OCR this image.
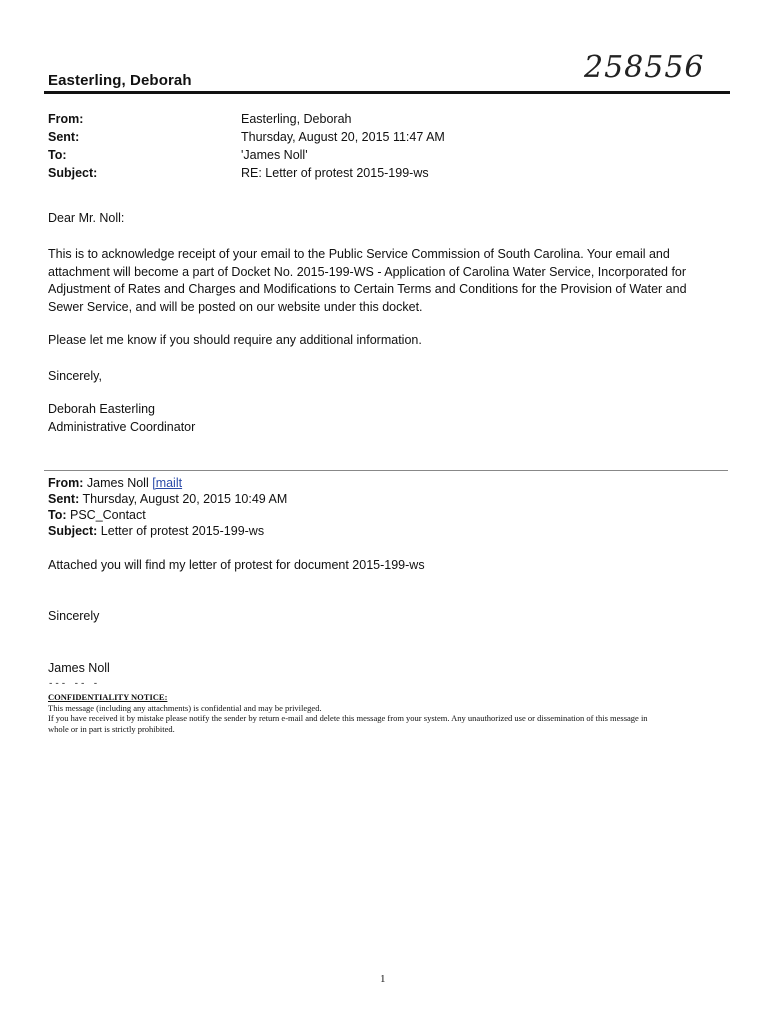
258556
Easterling, Deborah
From:
Sent:
To:
Subject:
Easterling, Deborah
Thursday, August 20, 2015 11:47 AM
'James Noll'
RE: Letter of protest 2015-199-ws
Dear Mr. Noll:
This is to acknowledge receipt of your email to the Public Service Commission of South Carolina. Your email and
attachment will become a part of Docket No. 2015-199-WS - Application of Carolina Water Service, Incorporated for
Adjustment of Rates and Charges and Modifications to Certain Terms and Conditions for the Provision of Water and
Sewer Service, and will be posted on our website under this docket.
Please let me know if you should require any additional information.
Sincerely,
Deborah Easterling
Administrative Coordinator
From: James Noll [mailt
Sent: Thursday, August 20, 2015 10:49 AM
To: PSC_Contact
Subject: Letter of protest 2015-199-ws
Attached you will find my letter of protest for document 2015-199-ws
Sincerely
James Noll
--- -- -
CONFIDENTIALITY NOTICE:
This message (including any attachments) is confidential and may be privileged.
If you have received it by mistake please notify the sender by return e-mail and delete this message from your system. Any unauthorized use or dissemination of this message in
whole or in part is strictly prohibited.
1
